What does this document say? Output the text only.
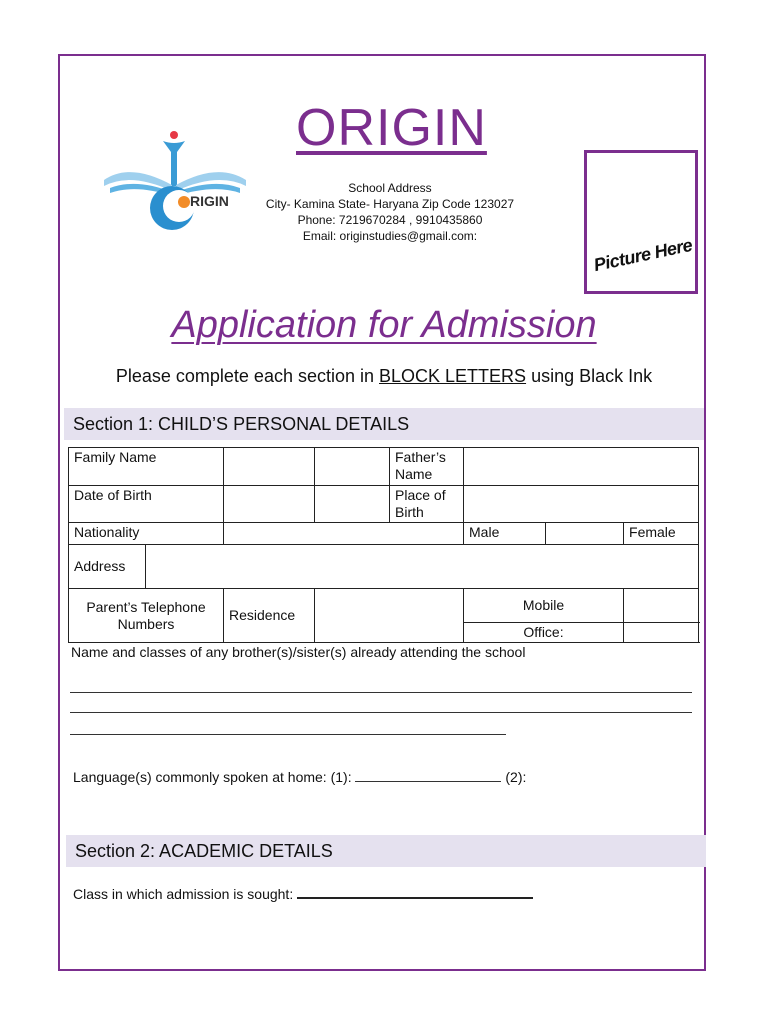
ORIGIN
RIGIN
School Address
City- Kamina State- Haryana Zip Code 123027
Phone: 7219670284 , 9910435860
Email: originstudies@gmail.com:	Picture Here
Application for Admission
Please complete each section in BLOCK LETTERS using Black Ink
Section 1: CHILD’S PERSONAL DETAILS
Family Name				Father’s Name				
Date of Birth				Place of Birth				
Nationality					Male		Female	
Address								
Parent’s Telephone Numbers		Residence			Mobile			
					Office:			
Name and classes of any brother(s)/sister(s) already attending the school
Language(s) commonly spoken at home: (1):	(2):
Section 2: ACADEMIC DETAILS
Class in which admission is sought:
